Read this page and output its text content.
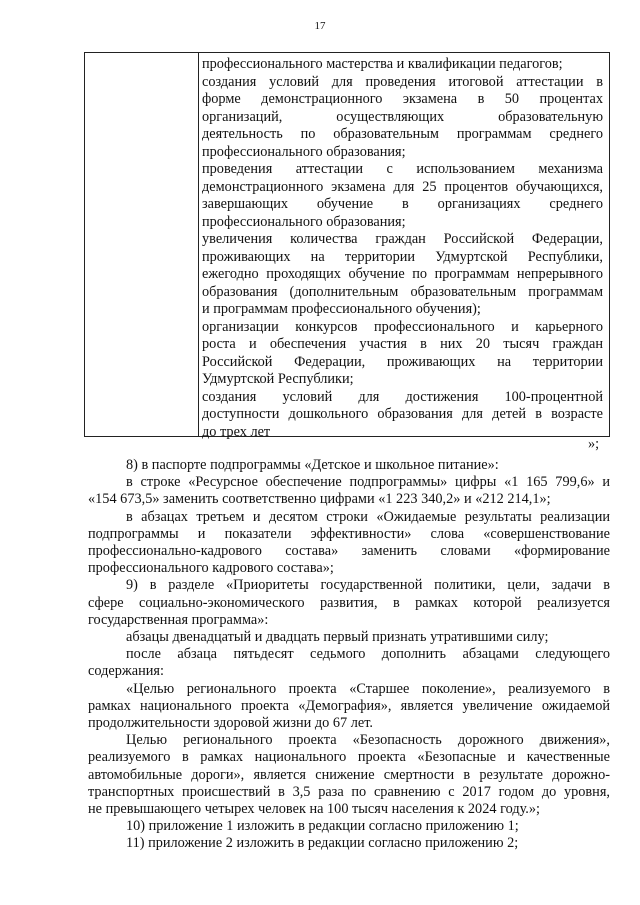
17
профессионального мастерства и квалификации педагогов;
создания условий для проведения итоговой аттестации в
форме демонстрационного экзамена в 50 процентах
организаций, осуществляющих образовательную
деятельность по образовательным программам среднего
профессионального образования;
проведения аттестации с использованием механизма
демонстрационного экзамена для 25 процентов обучающихся,
завершающих обучение в организациях среднего
профессионального образования;
увеличения количества граждан Российской Федерации,
проживающих на территории Удмуртской Республики,
ежегодно проходящих обучение по программам непрерывного
образования (дополнительным образовательным программам
и программам профессионального обучения);
организации конкурсов профессионального и карьерного
роста и обеспечения участия в них 20 тысяч граждан
Российской Федерации, проживающих на территории
Удмуртской Республики;
создания условий для достижения 100-процентной
доступности дошкольного образования для детей в возрасте
до трех лет
»;
8) в паспорте подпрограммы «Детское и школьное питание»:
в строке «Ресурсное обеспечение подпрограммы» цифры «1 165 799,6» и
«154 673,5» заменить соответственно цифрами «1 223 340,2» и «212 214,1»;
в абзацах третьем и десятом строки «Ожидаемые результаты реализации
подпрограммы и показатели эффективности» слова «совершенствование
профессионально-кадрового состава» заменить словами «формирование
профессионального кадрового состава»;
9) в разделе «Приоритеты государственной политики, цели, задачи в
сфере социально-экономического развития, в рамках которой реализуется
государственная программа»:
абзацы двенадцатый и двадцать первый признать утратившими силу;
после абзаца пятьдесят седьмого дополнить абзацами следующего
содержания:
«Целью регионального проекта «Старшее поколение», реализуемого в
рамках национального проекта «Демография», является увеличение ожидаемой
продолжительности здоровой жизни до 67 лет.
Целью регионального проекта «Безопасность дорожного движения»,
реализуемого в рамках национального проекта «Безопасные и качественные
автомобильные дороги», является снижение смертности в результате дорожно-
транспортных происшествий в 3,5 раза по сравнению с 2017 годом до уровня,
не превышающего четырех человек на 100 тысяч населения к 2024 году.»;
10) приложение 1 изложить в редакции согласно приложению 1;
11) приложение 2 изложить в редакции согласно приложению 2;
